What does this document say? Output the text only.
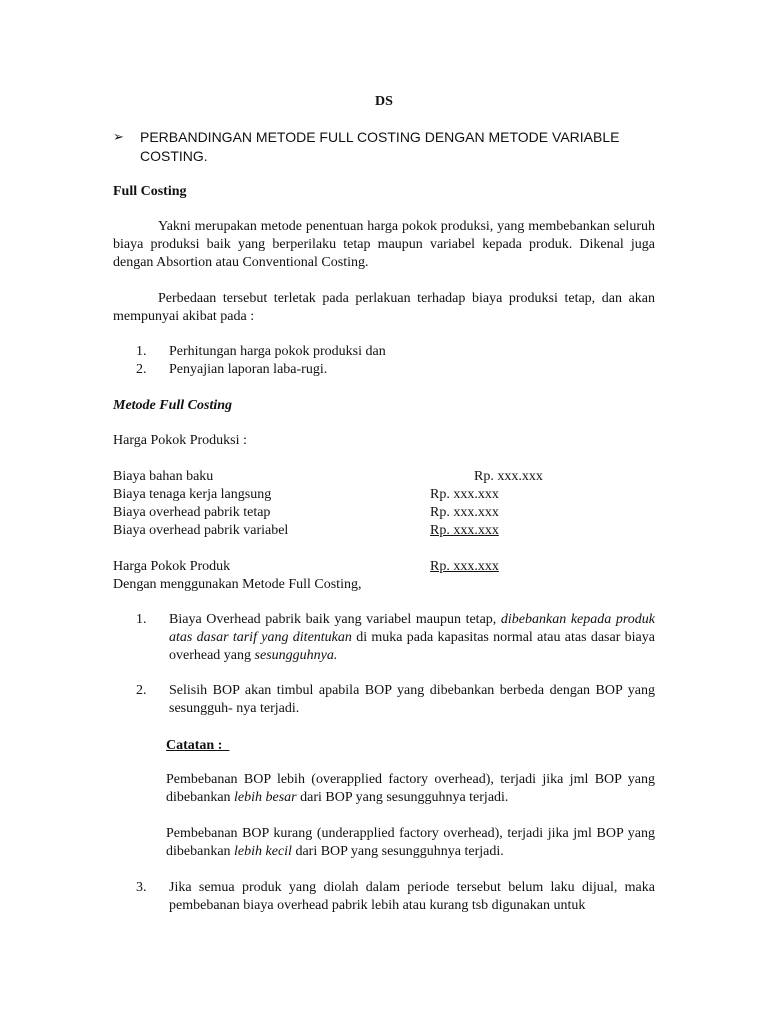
DS
➢ PERBANDINGAN METODE FULL COSTING DENGAN METODE VARIABLE COSTING.
Full Costing
Yakni merupakan metode penentuan harga pokok produksi, yang membebankan seluruh biaya produksi baik yang berperilaku tetap maupun variabel kepada produk. Dikenal juga dengan Absortion atau Conventional Costing.
Perbedaan tersebut terletak pada perlakuan terhadap biaya produksi tetap, dan akan mempunyai akibat pada :
1. Perhitungan harga pokok produksi dan
2. Penyajian laporan laba-rugi.
Metode Full Costing
Harga Pokok Produksi :
Biaya bahan baku	Rp. xxx.xxx
Biaya tenaga kerja langsung	Rp. xxx.xxx
Biaya overhead pabrik tetap	Rp. xxx.xxx
Biaya overhead pabrik variabel	Rp. xxx.xxx
Harga Pokok Produk	Rp. xxx.xxx
Dengan menggunakan Metode Full Costing,
1. Biaya Overhead pabrik baik yang variabel maupun tetap, dibebankan kepada produk atas dasar tarif yang ditentukan di muka pada kapasitas normal atau atas dasar biaya overhead yang sesungguhnya.
2. Selisih BOP akan timbul apabila BOP yang dibebankan berbeda dengan BOP yang sesungguh- nya terjadi.
Catatan :
Pembebanan BOP lebih (overapplied factory overhead), terjadi jika jml BOP yang dibebankan lebih besar dari BOP yang sesungguhnya terjadi.
Pembebanan BOP kurang (underapplied factory overhead), terjadi jika jml BOP yang dibebankan lebih kecil dari BOP yang sesungguhnya terjadi.
3. Jika semua produk yang diolah dalam periode tersebut belum laku dijual, maka pembebanan biaya overhead pabrik lebih atau kurang tsb digunakan untuk
